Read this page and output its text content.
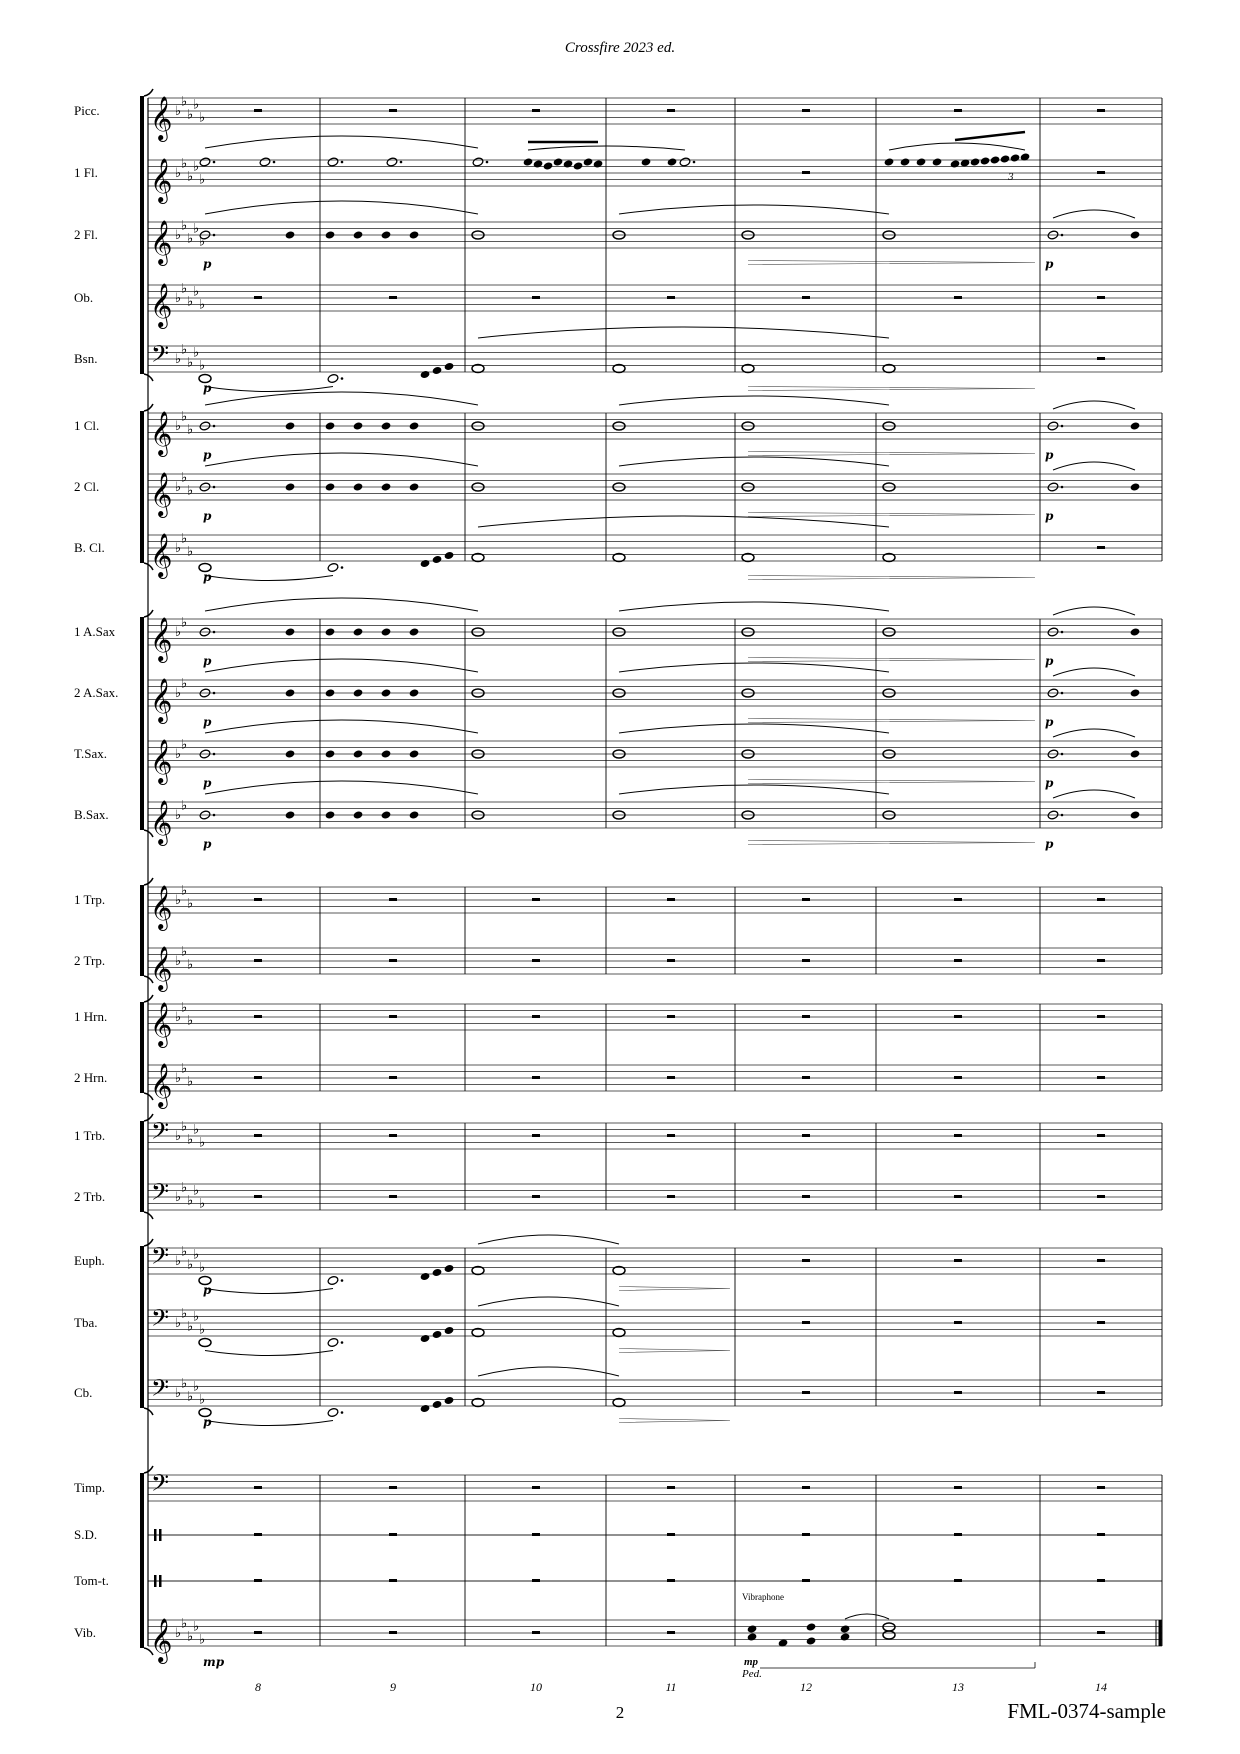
Crossfire 2023 ed.
𝄞 ♭
♭
♭
♭
♭
𝄞 ♭
♭
♭
♭
♭	3
𝄞 ♭
♭
♭
♭
♭
p	p
𝄞 ♭
♭
♭
♭
♭
𝄢 ♭
♭
♭
♭
♭
p
𝄞 ♭
♭
♭
p	p
𝄞 ♭
♭
♭
p	p
𝄞 ♭
♭
♭
p
𝄞 ♭
♭
p	p
𝄞 ♭
♭
p	p
𝄞 ♭
♭
p	p
𝄞 ♭
♭
p	p
𝄞 ♭
♭
♭
𝄞 ♭
♭
♭
𝄞 ♭
♭
♭
𝄞 ♭
♭
♭
𝄢 ♭
♭
♭
♭
♭
𝄢 ♭
♭
♭
♭
♭
𝄢 ♭
♭
♭
♭
♭
p
𝄢 ♭
♭
♭
♭
♭
𝄢 ♭
♭
♭
♭
♭
p
𝄢
𝄞 ♭
♭
♭
♭
♭
mp
Picc.
1 Fl.
2 Fl.
Ob.
Bsn.
1 Cl.
2 Cl.
B. Cl.
1 A.Sax
2 A.Sax.
T.Sax.
B.Sax.
1 Trp.
2 Trp.
1 Hrn.
2 Hrn.
1 Trb.
2 Trb.
Euph.
Tba.
Cb.
Timp.
S.D.
Tom-t.
Vib.
8	9	10	11	12	13	14
Vibraphone
mp
Ped.
2	FML-0374-sample
